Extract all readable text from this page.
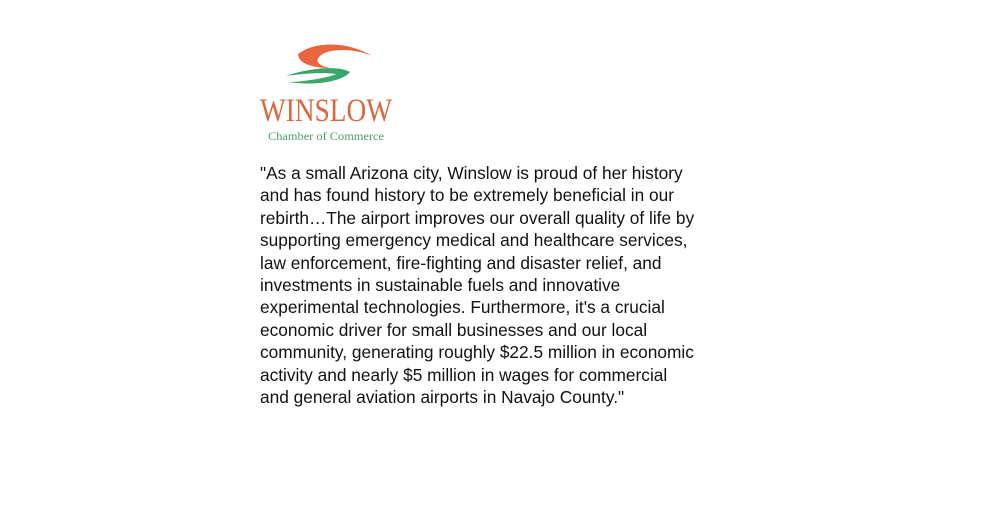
WINSLOW
Chamber of Commerce

"As a small Arizona city, Winslow is proud of her history and has found history to be extremely beneficial in our rebirth…The airport improves our overall quality of life by supporting emergency medical and healthcare services, law enforcement, fire-fighting and disaster relief, and investments in sustainable fuels and innovative experimental technologies. Furthermore, it's a crucial economic driver for small businesses and our local community, generating roughly $22.5 million in economic activity and nearly $5 million in wages for commercial and general aviation airports in Navajo County."
